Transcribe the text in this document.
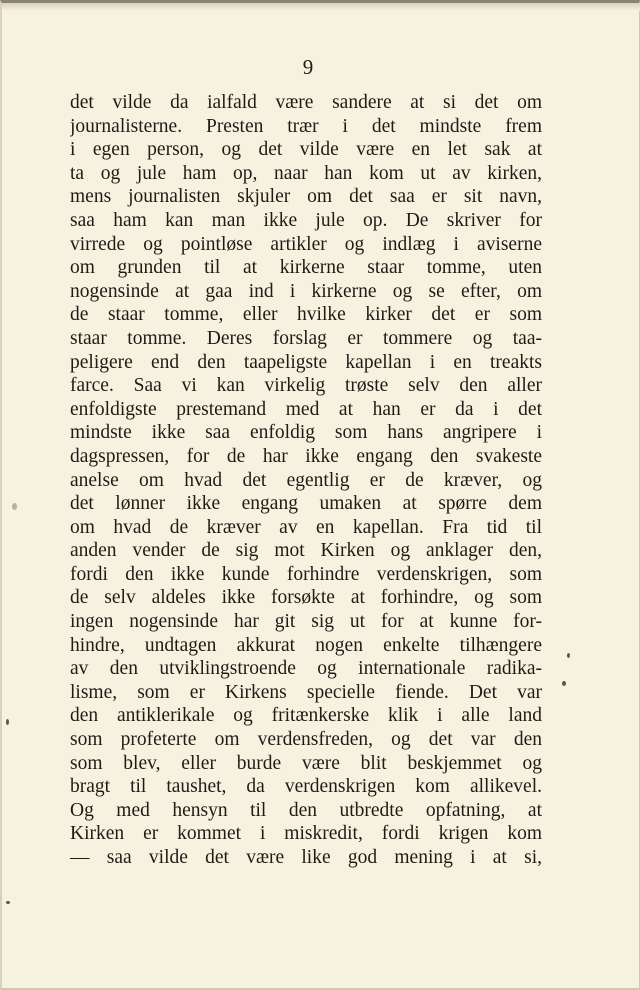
9
det vilde da ialfald være sandere at si det om
journalisterne. Presten trær i det mindste frem
i egen person, og det vilde være en let sak at
ta og jule ham op, naar han kom ut av kirken,
mens journalisten skjuler om det saa er sit navn,
saa ham kan man ikke jule op. De skriver for
virrede og pointløse artikler og indlæg i aviserne
om grunden til at kirkerne staar tomme, uten
nogensinde at gaa ind i kirkerne og se efter, om
de staar tomme, eller hvilke kirker det er som
staar tomme. Deres forslag er tommere og taa-
peligere end den taapeligste kapellan i en treakts
farce. Saa vi kan virkelig trøste selv den aller
enfoldigste prestemand med at han er da i det
mindste ikke saa enfoldig som hans angripere i
dagspressen, for de har ikke engang den svakeste
anelse om hvad det egentlig er de kræver, og
det lønner ikke engang umaken at spørre dem
om hvad de kræver av en kapellan. Fra tid til
anden vender de sig mot Kirken og anklager den,
fordi den ikke kunde forhindre verdenskrigen, som
de selv aldeles ikke forsøkte at forhindre, og som
ingen nogensinde har git sig ut for at kunne for-
hindre, undtagen akkurat nogen enkelte tilhængere
av den utviklingstroende og internationale radika-
lisme, som er Kirkens specielle fiende. Det var
den antiklerikale og fritænkerske klik i alle land
som profeterte om verdensfreden, og det var den
som blev, eller burde være blit beskjemmet og
bragt til taushet, da verdenskrigen kom allikevel.
Og med hensyn til den utbredte opfatning, at
Kirken er kommet i miskredit, fordi krigen kom
— saa vilde det være like god mening i at si,
